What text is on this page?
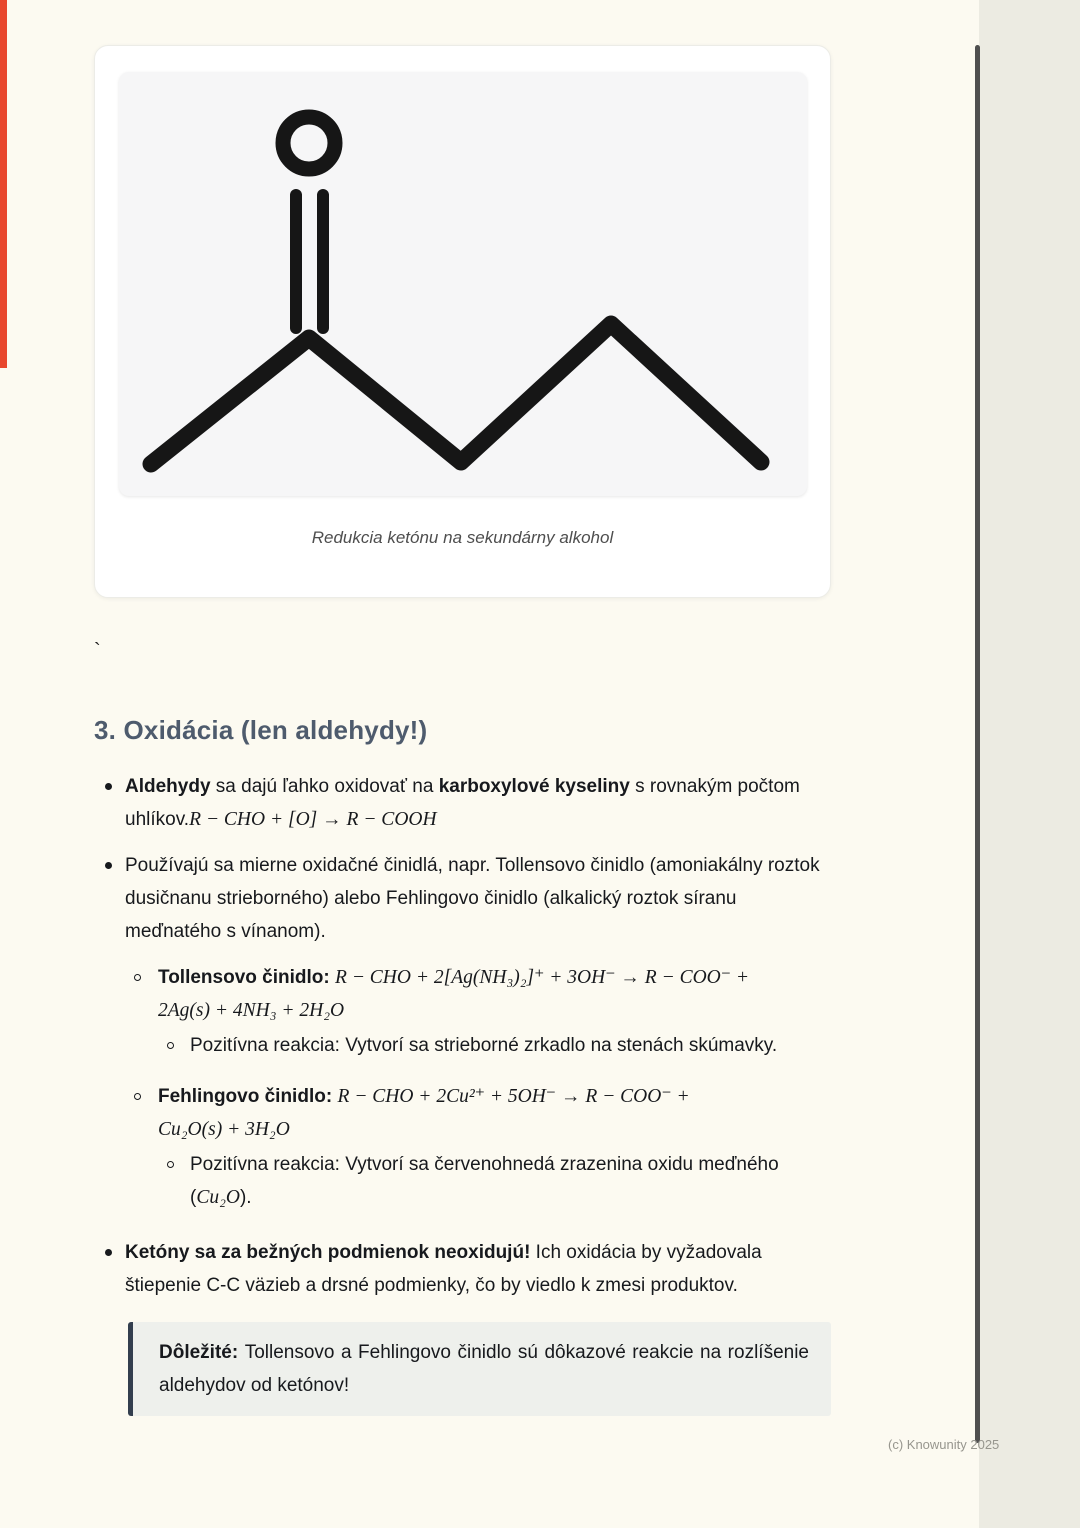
Redukcia ketónu na sekundárny alkohol
`
3. Oxidácia (len aldehydy!)
Aldehydy sa dajú ľahko oxidovať na karboxylové kyseliny s rovnakým počtom uhlíkov.R − CHO + [O] → R − COOH
Používajú sa mierne oxidačné činidlá, napr. Tollensovo činidlo (amoniakálny roztok dusičnanu strieborného) alebo Fehlingovo činidlo (alkalický roztok síranu meďnatého s vínanom).
Tollensovo činidlo: R − CHO + 2[Ag(NH₃)₂]⁺ + 3OH⁻ → R − COO⁻ +
2Ag(s) + 4NH₃ + 2H₂O
Pozitívna reakcia: Vytvorí sa strieborné zrkadlo na stenách skúmavky.
Fehlingovo činidlo: R − CHO + 2Cu²⁺ + 5OH⁻ → R − COO⁻ +
Cu₂O(s) + 3H₂O
Pozitívna reakcia: Vytvorí sa červenohnedá zrazenina oxidu meďného (Cu₂O).
Ketóny sa za bežných podmienok neoxidujú! Ich oxidácia by vyžadovala štiepenie C-C väzieb a drsné podmienky, čo by viedlo k zmesi produktov.
Dôležité: Tollensovo a Fehlingovo činidlo sú dôkazové reakcie na rozlíšenie aldehydov od ketónov!
(c) Knowunity 2025
